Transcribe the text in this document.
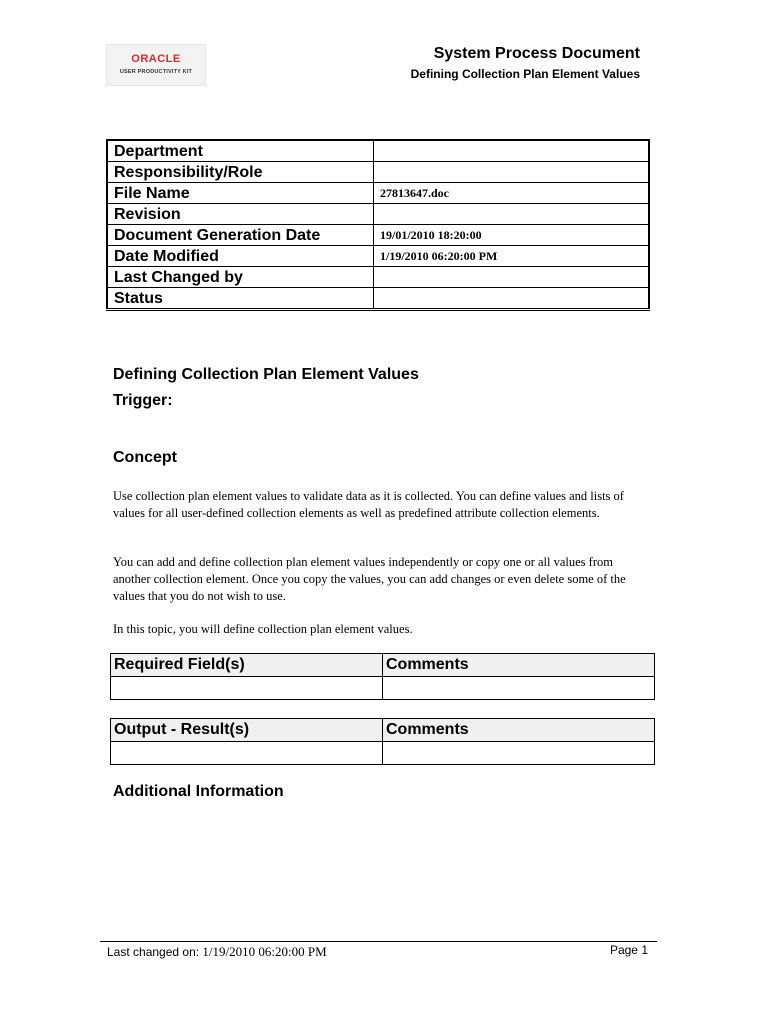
ORACLE
USER PRODUCTIVITY KIT
System Process Document
Defining Collection Plan Element Values
Department	
Responsibility/Role	
File Name	27813647.doc
Revision	
Document Generation Date	19/01/2010 18:20:00
Date Modified	1/19/2010 06:20:00 PM
Last Changed by	
Status	
Defining Collection Plan Element Values
Trigger:
Concept

Use collection plan element values to validate data as it is collected. You can define values and lists of values for all user-defined collection elements as well as predefined attribute collection elements.

You can add and define collection plan element values independently or copy one or all values from another collection element. Once you copy the values, you can add changes or even delete some of the values that you do not wish to use.

In this topic, you will define collection plan element values.

Required Field(s)	Comments

Output - Result(s)	Comments

Additional Information
Last changed on: 1/19/2010 06:20:00 PM	Page 1
